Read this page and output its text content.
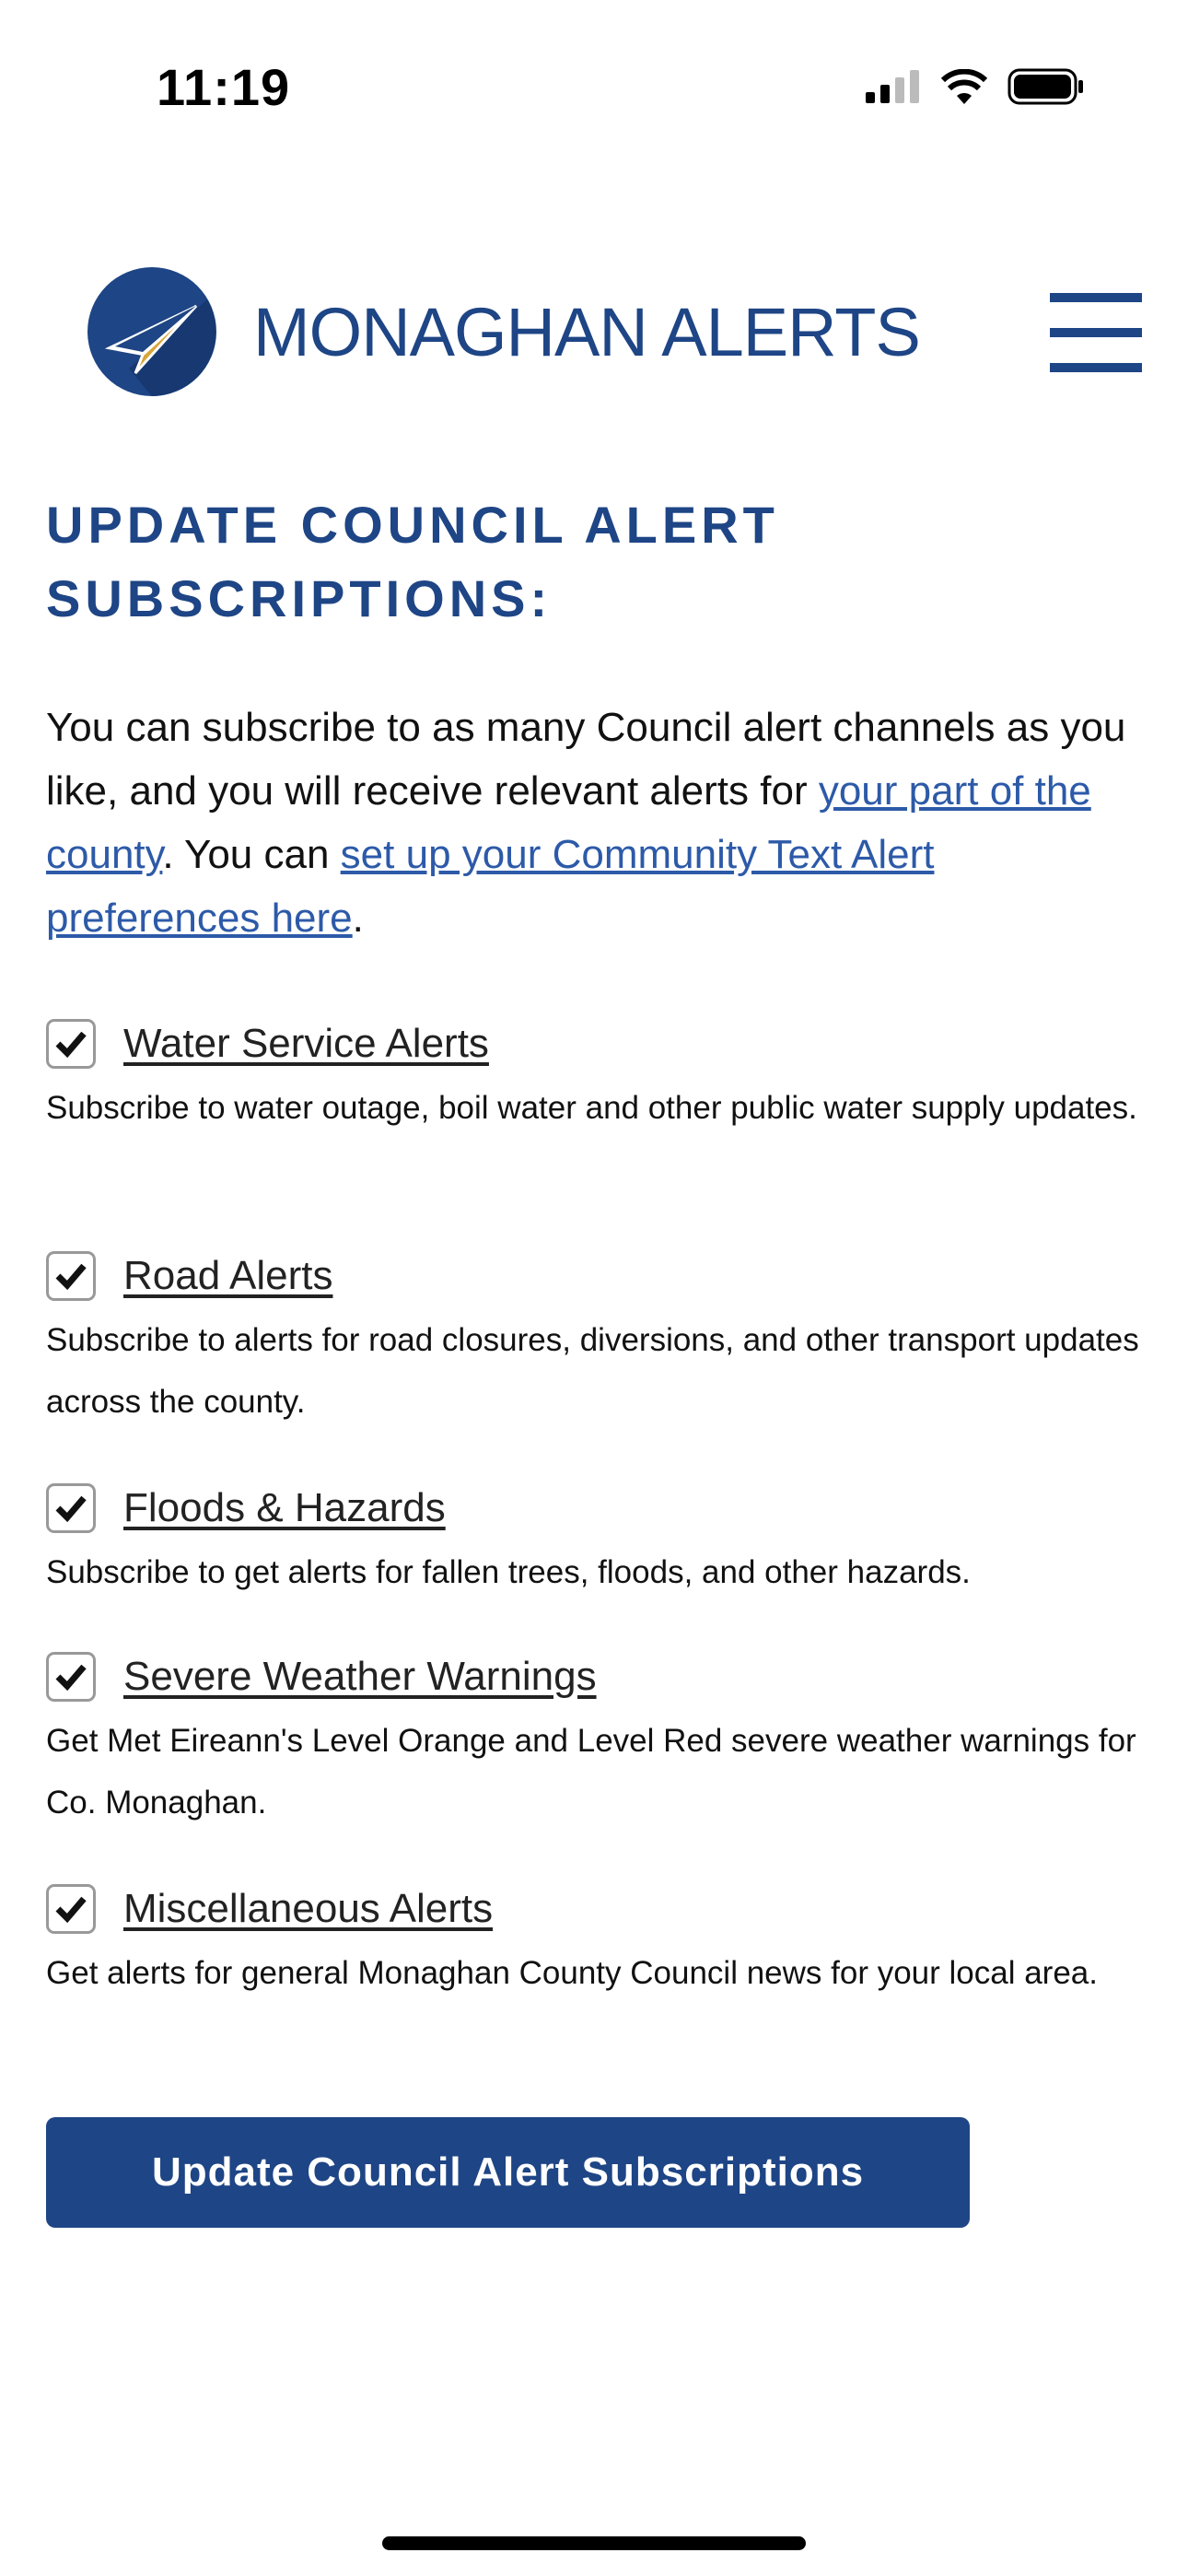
11:19
MONAGHAN ALERTS
UPDATE COUNCIL ALERT SUBSCRIPTIONS:

You can subscribe to as many Council alert channels as you like, and you will receive relevant alerts for your part of the county. You can set up your Community Text Alert preferences here.

Water Service Alerts
Subscribe to water outage, boil water and other public water supply updates.
Road Alerts
Subscribe to alerts for road closures, diversions, and other transport updates across the county.
Floods & Hazards
Subscribe to get alerts for fallen trees, floods, and other hazards.
Severe Weather Warnings
Get Met Eireann's Level Orange and Level Red severe weather warnings for Co. Monaghan.
Miscellaneous Alerts
Get alerts for general Monaghan County Council news for your local area.
Update Council Alert Subscriptions
